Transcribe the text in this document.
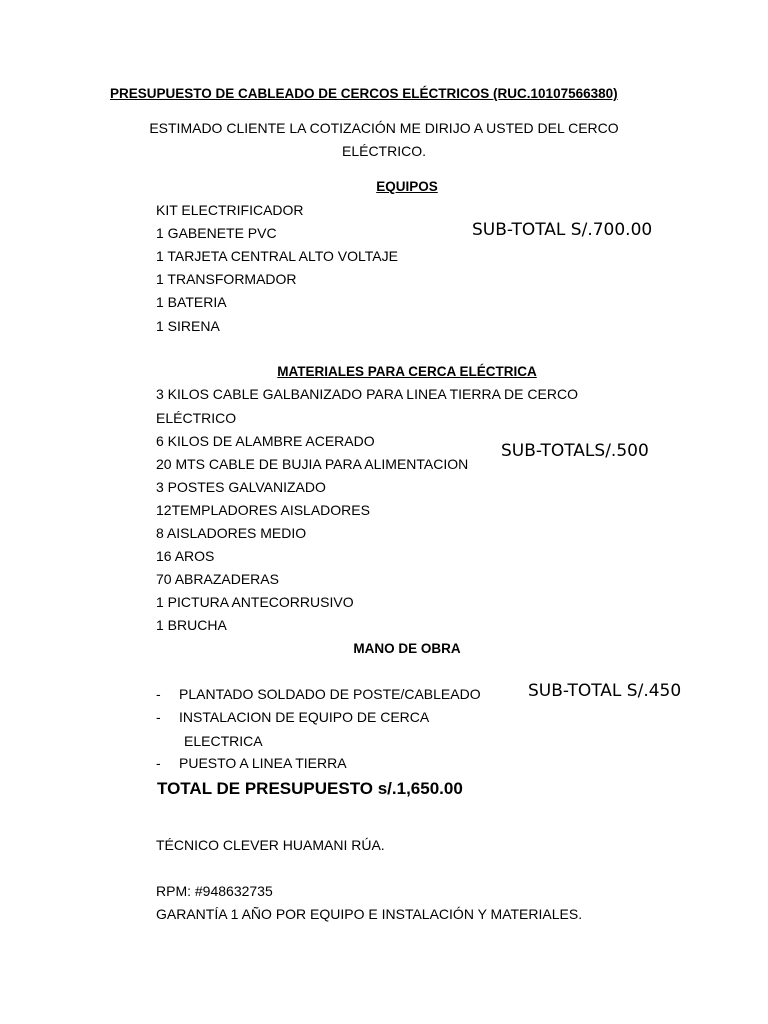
PRESUPUESTO DE CABLEADO DE CERCOS ELÉCTRICOS (RUC.10107566380)
ESTIMADO CLIENTE LA COTIZACIÓN ME DIRIJO A USTED DEL CERCO
ELÉCTRICO.
EQUIPOS
KIT ELECTRIFICADOR
1 GABENETE PVC
1 TARJETA CENTRAL ALTO VOLTAJE
1 TRANSFORMADOR
1 BATERIA
1 SIRENA
SUB-TOTAL S/.700.00
MATERIALES PARA CERCA ELÉCTRICA
3 KILOS CABLE GALBANIZADO PARA LINEA TIERRA DE CERCO
ELÉCTRICO
6 KILOS DE ALAMBRE ACERADO
20 MTS CABLE DE BUJIA PARA ALIMENTACION
3 POSTES GALVANIZADO
12TEMPLADORES AISLADORES
8 AISLADORES MEDIO
16 AROS
70 ABRAZADERAS
1 PICTURA ANTECORRUSIVO
1 BRUCHA
SUB-TOTALS/.500
MANO DE OBRA
- PLANTADO SOLDADO DE POSTE/CABLEADO
- INSTALACION DE EQUIPO DE CERCA
ELECTRICA
- PUESTO A LINEA TIERRA
SUB-TOTAL S/.450
TOTAL DE PRESUPUESTO s/.1,650.00
TÉCNICO CLEVER HUAMANI RÚA.
RPM: #948632735
GARANTÍA 1 AÑO POR EQUIPO E INSTALACIÓN Y MATERIALES.
